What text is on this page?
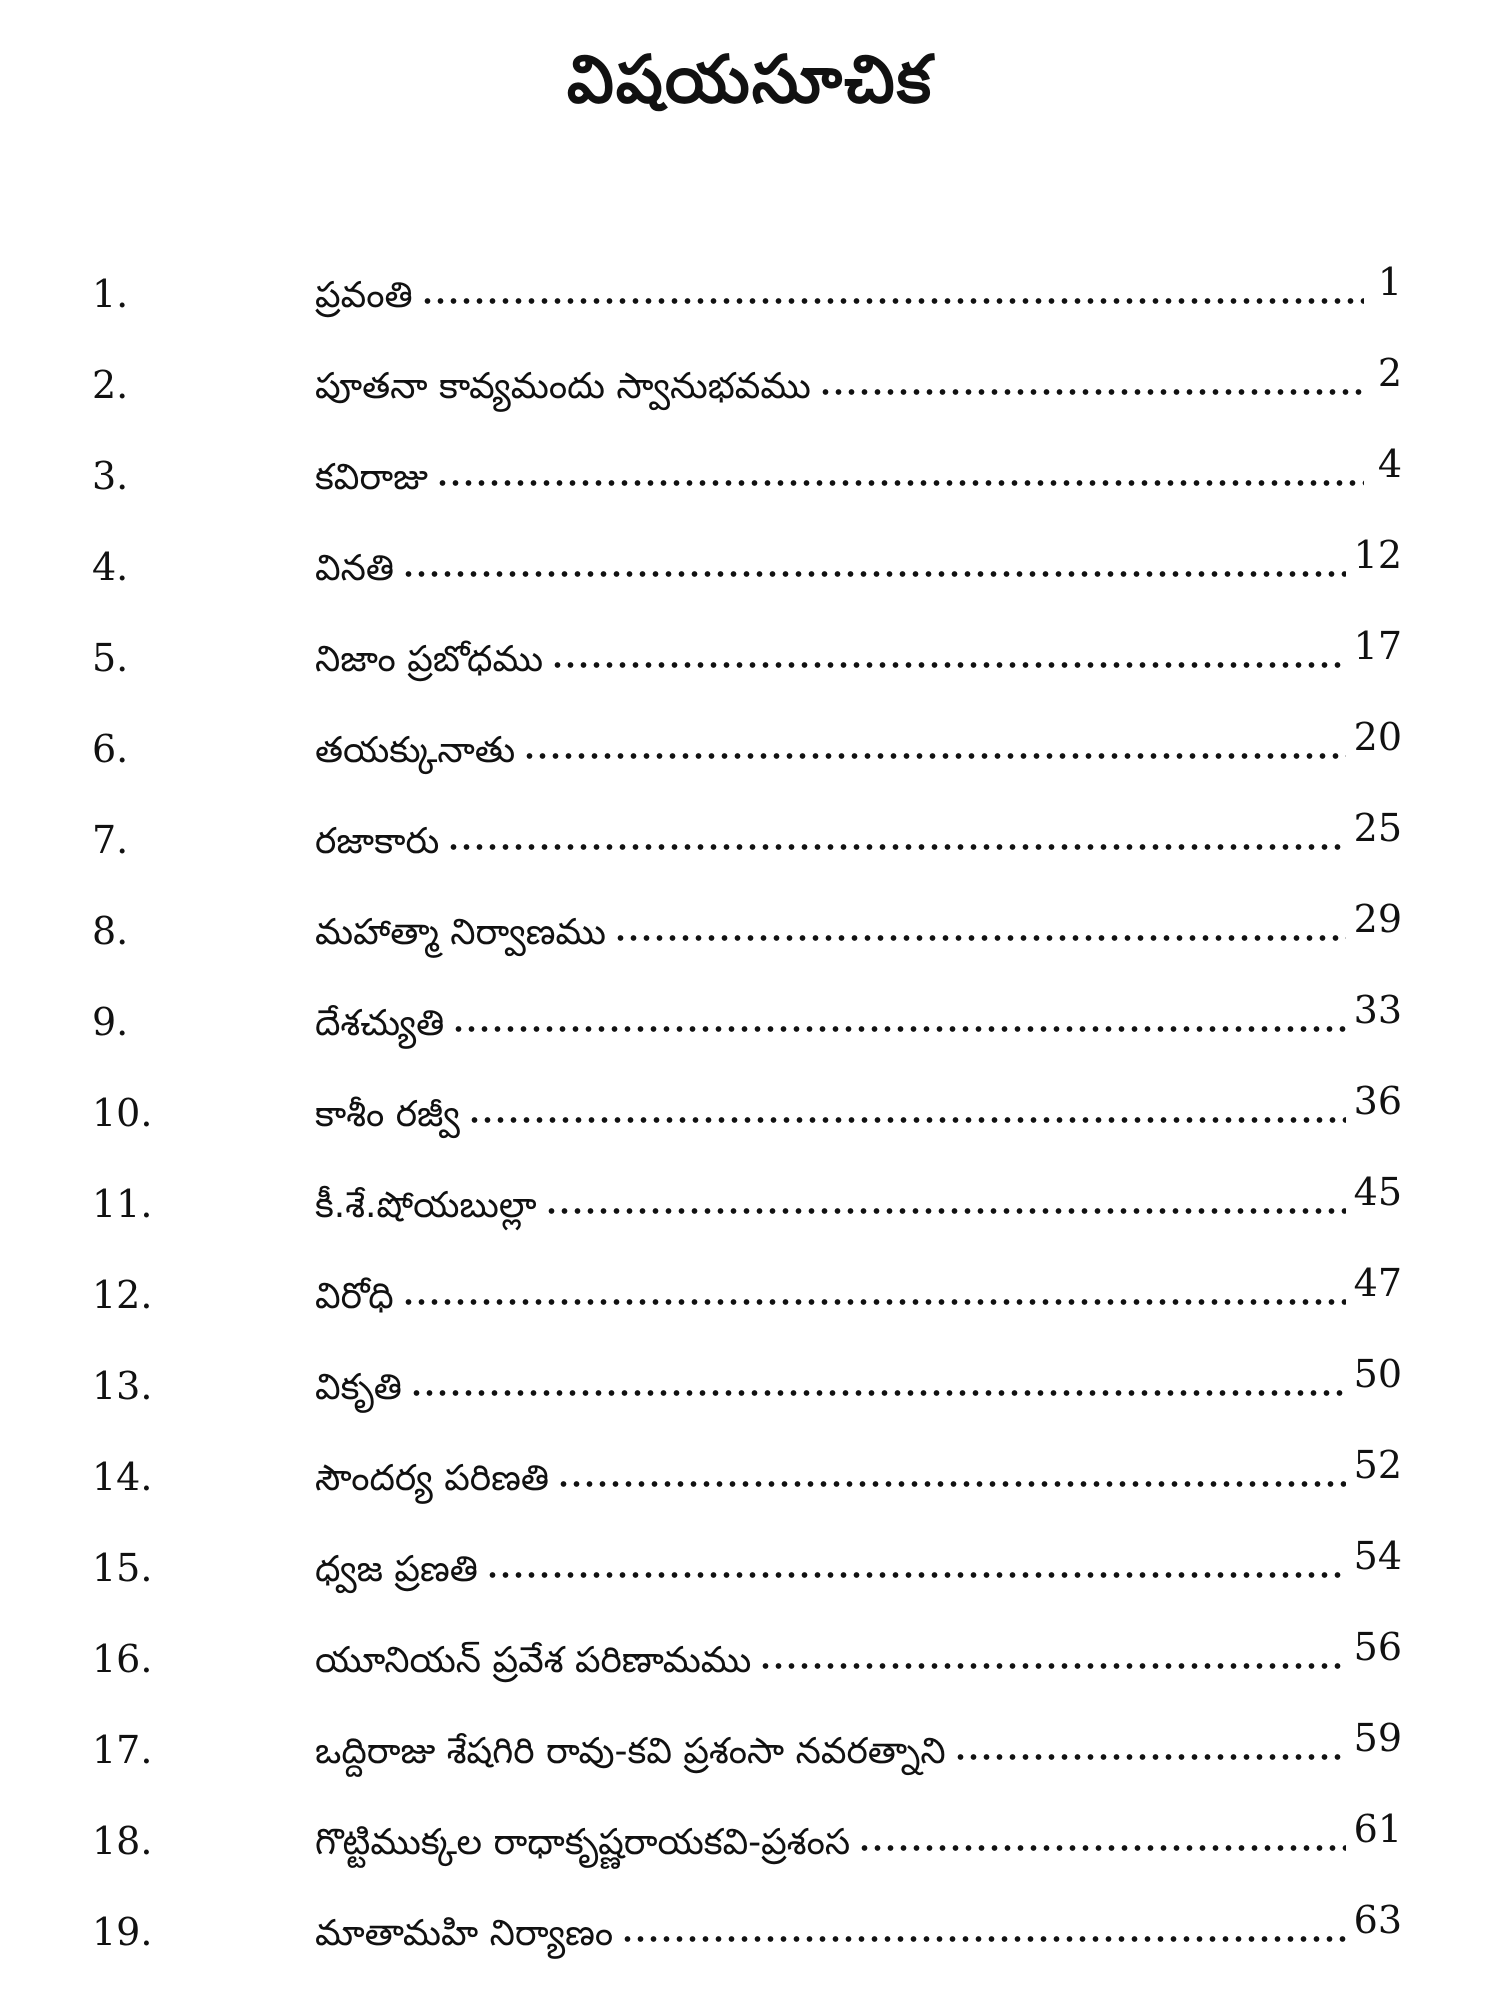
విషయసూచిక
1.	ప్రవంతి	1
2.	పూతనా కావ్యమందు స్వానుభవము	2
3.	కవిరాజు	4
4.	వినతి	12
5.	నిజాం ప్రబోధము	17
6.	తయక్కునాతు	20
7.	రజాకారు	25
8.	మహాత్మా నిర్వాణము	29
9.	దేశచ్యుతి	33
10.	కాశీం రజ్వీ	36
11.	కీ.శే.షోయబుల్లా	45
12.	విరోధి	47
13.	వికృతి	50
14.	సౌందర్య పరిణతి	52
15.	ధ్వజ ప్రణతి	54
16.	యూనియన్ ప్రవేశ పరిణామము	56
17.	ఒద్దిరాజు శేషగిరి రావు-కవి ప్రశంసా నవరత్నాని	59
18.	గొట్టిముక్కల రాధాకృష్ణరాయకవి-ప్రశంస	61
19.	మాతామహి నిర్యాణం	63
